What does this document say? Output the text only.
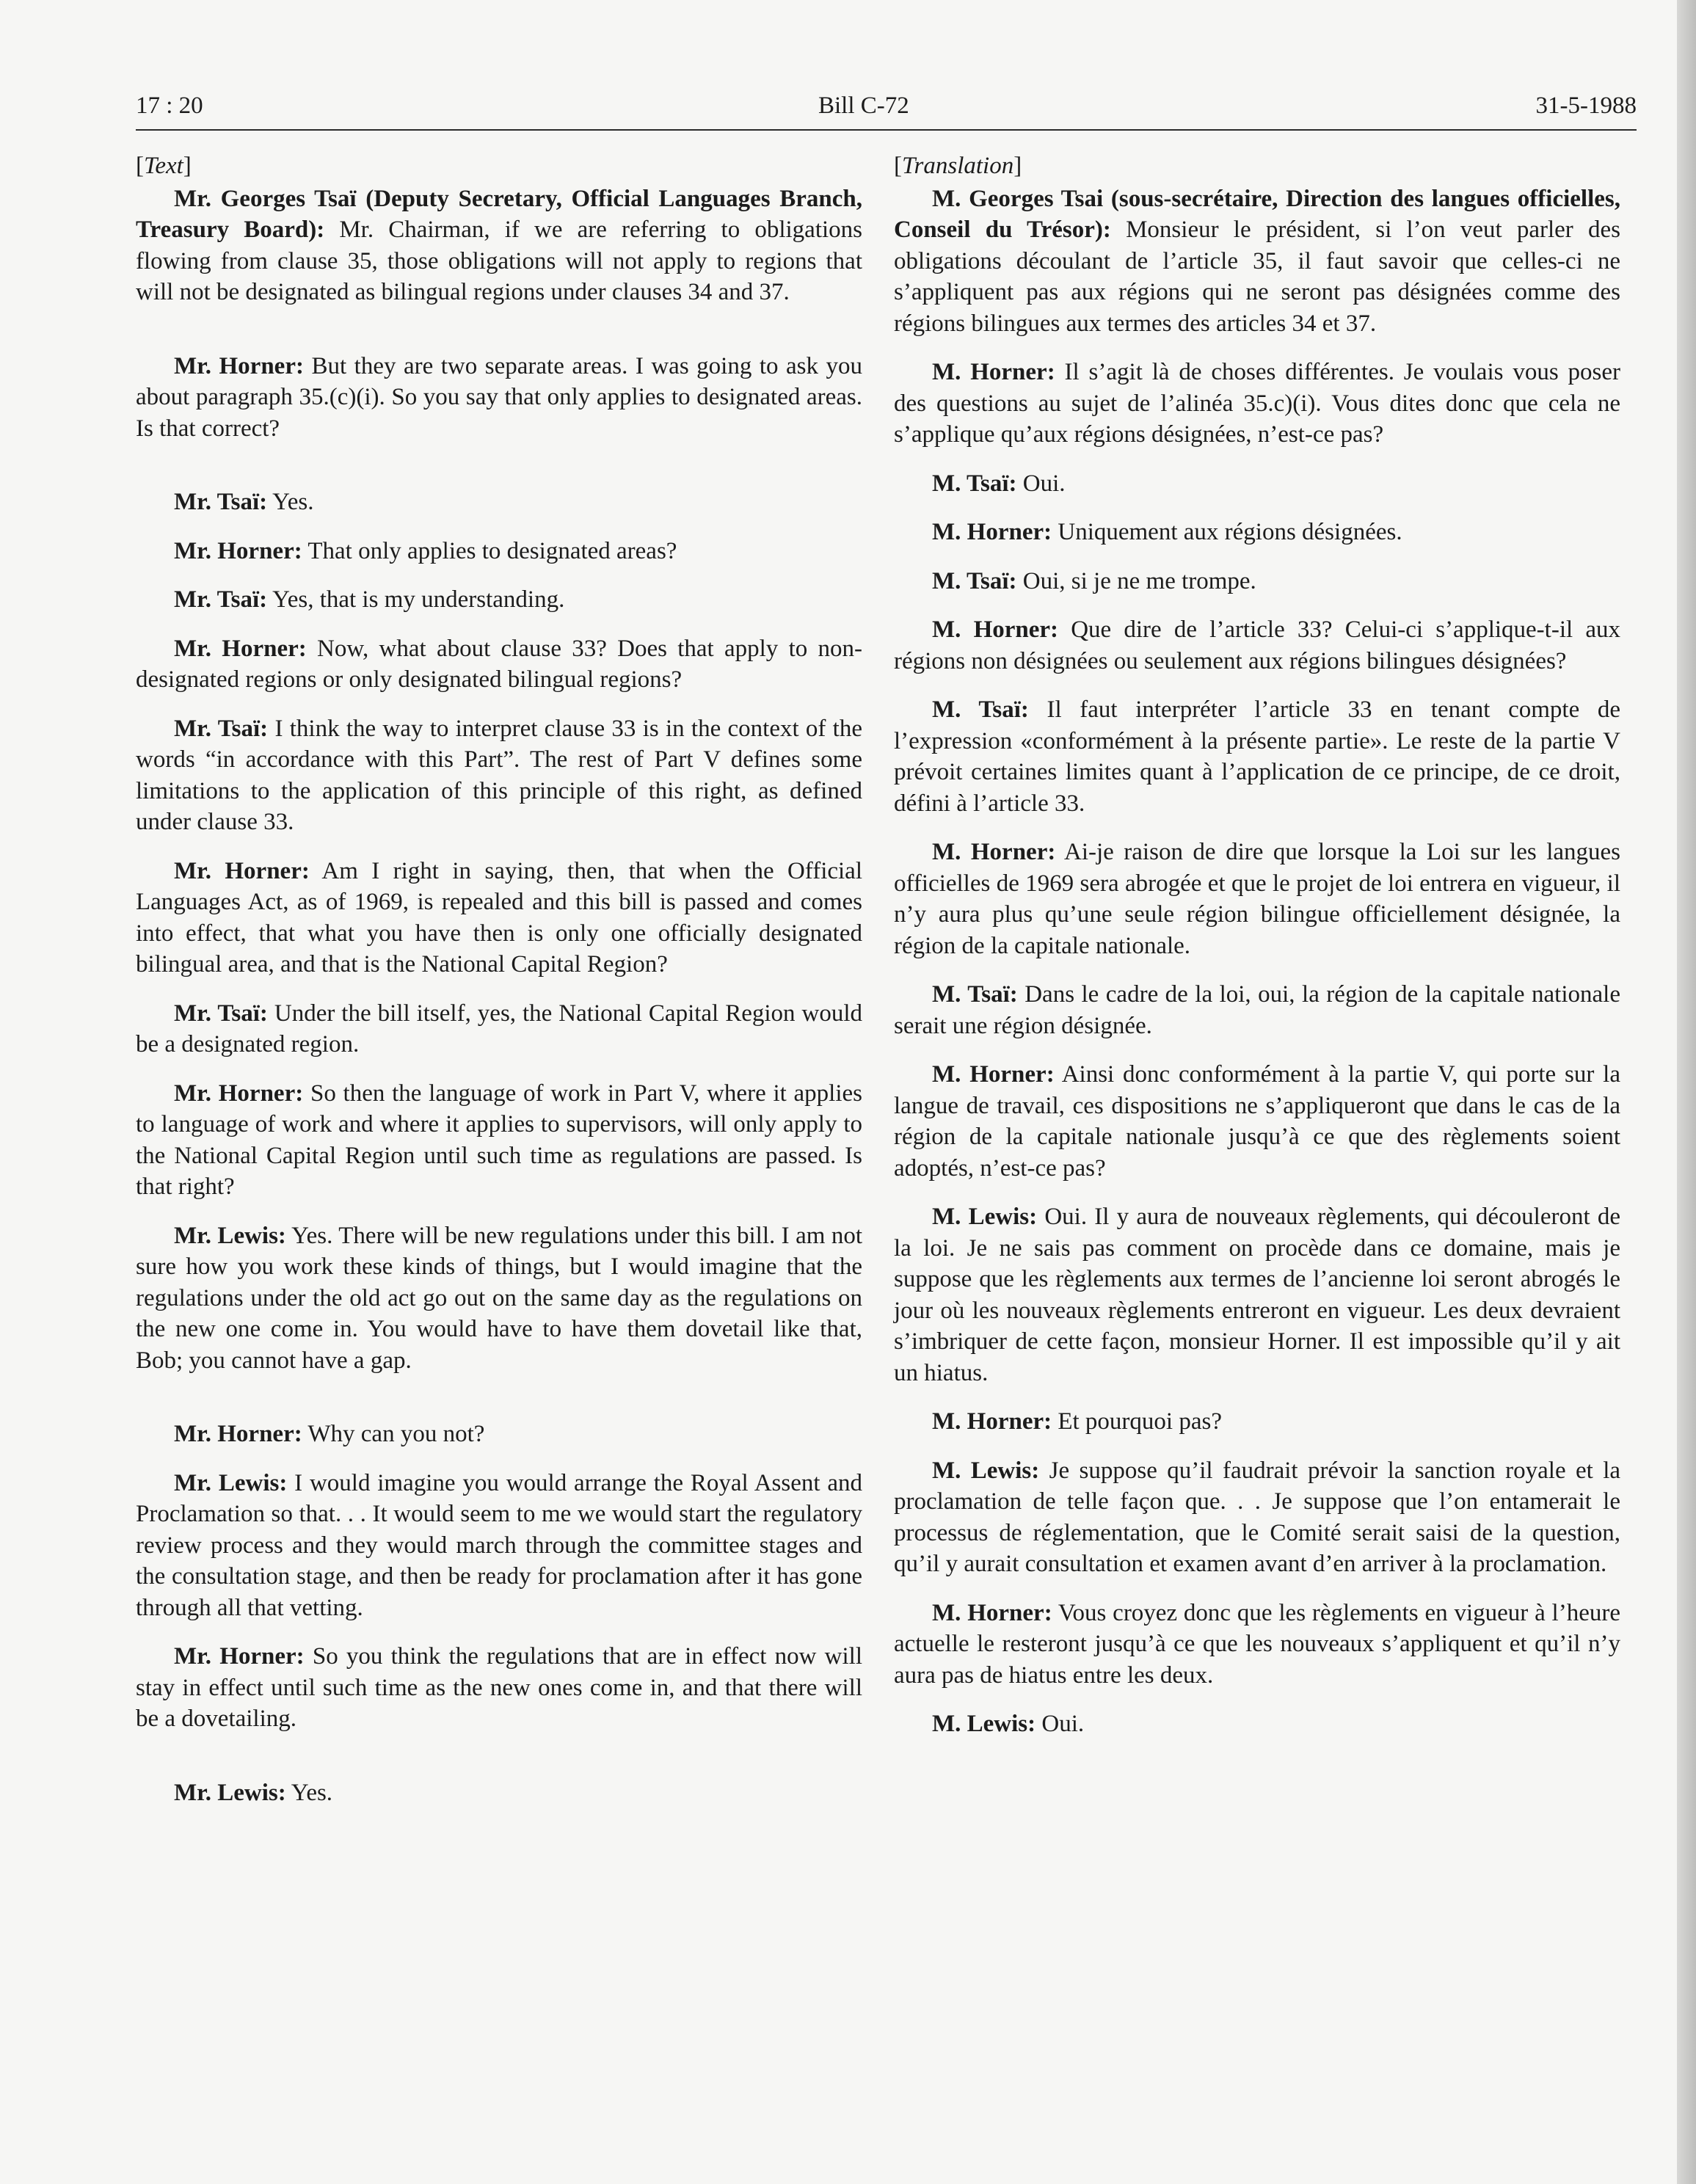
17 : 20	Bill C-72	31-5-1988
[Text]

Mr. Georges Tsaï (Deputy Secretary, Official Languages Branch, Treasury Board): Mr. Chairman, if we are referring to obligations flowing from clause 35, those obligations will not apply to regions that will not be designated as bilingual regions under clauses 34 and 37.

Mr. Horner: But they are two separate areas. I was going to ask you about paragraph 35.(c)(i). So you say that only applies to designated areas. Is that correct?

Mr. Tsaï: Yes.

Mr. Horner: That only applies to designated areas?

Mr. Tsaï: Yes, that is my understanding.

Mr. Horner: Now, what about clause 33? Does that apply to non-designated regions or only designated bilingual regions?

Mr. Tsaï: I think the way to interpret clause 33 is in the context of the words “in accordance with this Part”. The rest of Part V defines some limitations to the application of this principle of this right, as defined under clause 33.

Mr. Horner: Am I right in saying, then, that when the Official Languages Act, as of 1969, is repealed and this bill is passed and comes into effect, that what you have then is only one officially designated bilingual area, and that is the National Capital Region?

Mr. Tsaï: Under the bill itself, yes, the National Capital Region would be a designated region.

Mr. Horner: So then the language of work in Part V, where it applies to language of work and where it applies to supervisors, will only apply to the National Capital Region until such time as regulations are passed. Is that right?

Mr. Lewis: Yes. There will be new regulations under this bill. I am not sure how you work these kinds of things, but I would imagine that the regulations under the old act go out on the same day as the regulations on the new one come in. You would have to have them dovetail like that, Bob; you cannot have a gap.

Mr. Horner: Why can you not?

Mr. Lewis: I would imagine you would arrange the Royal Assent and Proclamation so that. . . It would seem to me we would start the regulatory review process and they would march through the committee stages and the consultation stage, and then be ready for proclamation after it has gone through all that vetting.

Mr. Horner: So you think the regulations that are in effect now will stay in effect until such time as the new ones come in, and that there will be a dovetailing.

Mr. Lewis: Yes.

[Translation]

M. Georges Tsai (sous-secrétaire, Direction des langues officielles, Conseil du Trésor): Monsieur le président, si l’on veut parler des obligations découlant de l’article 35, il faut savoir que celles-ci ne s’appliquent pas aux régions qui ne seront pas désignées comme des régions bilingues aux termes des articles 34 et 37.

M. Horner: Il s’agit là de choses différentes. Je voulais vous poser des questions au sujet de l’alinéa 35.c)(i). Vous dites donc que cela ne s’applique qu’aux régions désignées, n’est-ce pas?

M. Tsaï: Oui.

M. Horner: Uniquement aux régions désignées.

M. Tsaï: Oui, si je ne me trompe.

M. Horner: Que dire de l’article 33? Celui-ci s’applique-t-il aux régions non désignées ou seulement aux régions bilingues désignées?

M. Tsaï: Il faut interpréter l’article 33 en tenant compte de l’expression «conformément à la présente partie». Le reste de la partie V prévoit certaines limites quant à l’application de ce principe, de ce droit, défini à l’article 33.

M. Horner: Ai-je raison de dire que lorsque la Loi sur les langues officielles de 1969 sera abrogée et que le projet de loi entrera en vigueur, il n’y aura plus qu’une seule région bilingue officiellement désignée, la région de la capitale nationale.

M. Tsaï: Dans le cadre de la loi, oui, la région de la capitale nationale serait une région désignée.

M. Horner: Ainsi donc conformément à la partie V, qui porte sur la langue de travail, ces dispositions ne s’appliqueront que dans le cas de la région de la capitale nationale jusqu’à ce que des règlements soient adoptés, n’est-ce pas?

M. Lewis: Oui. Il y aura de nouveaux règlements, qui découleront de la loi. Je ne sais pas comment on procède dans ce domaine, mais je suppose que les règlements aux termes de l’ancienne loi seront abrogés le jour où les nouveaux règlements entreront en vigueur. Les deux devraient s’imbriquer de cette façon, monsieur Horner. Il est impossible qu’il y ait un hiatus.

M. Horner: Et pourquoi pas?

M. Lewis: Je suppose qu’il faudrait prévoir la sanction royale et la proclamation de telle façon que. . . Je suppose que l’on entamerait le processus de réglementation, que le Comité serait saisi de la question, qu’il y aurait consultation et examen avant d’en arriver à la proclamation.

M. Horner: Vous croyez donc que les règlements en vigueur à l’heure actuelle le resteront jusqu’à ce que les nouveaux s’appliquent et qu’il n’y aura pas de hiatus entre les deux.

M. Lewis: Oui.
